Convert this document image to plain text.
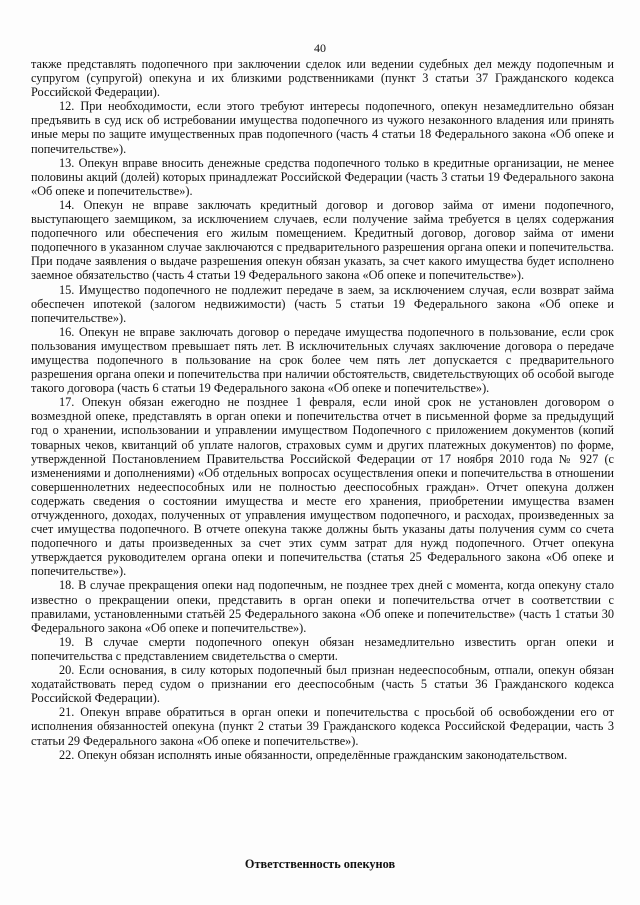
40

также представлять подопечного при заключении сделок или ведении судебных дел между подопечным и супругом (супругой) опекуна и их близкими родственниками (пункт 3 статьи 37 Гражданского кодекса Российской Федерации).

12. При необходимости, если этого требуют интересы подопечного, опекун незамедлительно обязан предъявить в суд иск об истребовании имущества подопечного из чужого незаконного владения или принять иные меры по защите имущественных прав подопечного (часть 4 статьи 18 Федерального закона «Об опеке и попечительстве»).

13. Опекун вправе вносить денежные средства подопечного только в кредитные организации, не менее половины акций (долей) которых принадлежат Российской Федерации (часть 3 статьи 19 Федерального закона «Об опеке и попечительстве»).

14. Опекун не вправе заключать кредитный договор и договор займа от имени подопечного, выступающего заемщиком, за исключением случаев, если получение займа требуется в целях содержания подопечного или обеспечения его жилым помещением. Кредитный договор, договор займа от имени подопечного в указанном случае заключаются с предварительного разрешения органа опеки и попечительства. При подаче заявления о выдаче разрешения опекун обязан указать, за счет какого имущества будет исполнено заемное обязательство (часть 4 статьи 19 Федерального закона «Об опеке и попечительстве»).

15. Имущество подопечного не подлежит передаче в заем, за исключением случая, если возврат займа обеспечен ипотекой (залогом недвижимости) (часть 5 статьи 19 Федерального закона «Об опеке и попечительстве»).

16. Опекун не вправе заключать договор о передаче имущества подопечного в пользование, если срок пользования имуществом превышает пять лет. В исключительных случаях заключение договора о передаче имущества подопечного в пользование на срок более чем пять лет допускается с предварительного разрешения органа опеки и попечительства при наличии обстоятельств, свидетельствующих об особой выгоде такого договора (часть 6 статьи 19 Федерального закона «Об опеке и попечительстве»).

17. Опекун обязан ежегодно не позднее 1 февраля, если иной срок не установлен договором о возмездной опеке, представлять в орган опеки и попечительства отчет в письменной форме за предыдущий год о хранении, использовании и управлении имуществом Подопечного с приложением документов (копий товарных чеков, квитанций об уплате налогов, страховых сумм и других платежных документов) по форме, утвержденной Постановлением Правительства Российской Федерации от 17 ноября 2010 года № 927 (с изменениями и дополнениями) «Об отдельных вопросах осуществления опеки и попечительства в отношении совершеннолетних недееспособных или не полностью дееспособных граждан». Отчет опекуна должен содержать сведения о состоянии имущества и месте его хранения, приобретении имущества взамен отчужденного, доходах, полученных от управления имуществом подопечного, и расходах, произведенных за счет имущества подопечного. В отчете опекуна также должны быть указаны даты получения сумм со счета подопечного и даты произведенных за счет этих сумм затрат для нужд подопечного. Отчет опекуна утверждается руководителем органа опеки и попечительства (статья 25 Федерального закона «Об опеке и попечительстве»).

18. В случае прекращения опеки над подопечным, не позднее трех дней с момента, когда опекуну стало известно о прекращении опеки, представить в орган опеки и попечительства отчет в соответствии с правилами, установленными статьёй 25 Федерального закона «Об опеке и попечительстве» (часть 1 статьи 30 Федерального закона «Об опеке и попечительстве»).

19. В случае смерти подопечного опекун обязан незамедлительно известить орган опеки и попечительства с представлением свидетельства о смерти.

20. Если основания, в силу которых подопечный был признан недееспособным, отпали, опекун обязан ходатайствовать перед судом о признании его дееспособным (часть 5 статьи 36 Гражданского кодекса Российской Федерации).

21. Опекун вправе обратиться в орган опеки и попечительства с просьбой об освобождении его от исполнения обязанностей опекуна (пункт 2 статьи 39 Гражданского кодекса Российской Федерации, часть 3 статьи 29 Федерального закона «Об опеке и попечительстве»).

22. Опекун обязан исполнять иные обязанности, определённые гражданским законодательством.

Ответственность опекунов
